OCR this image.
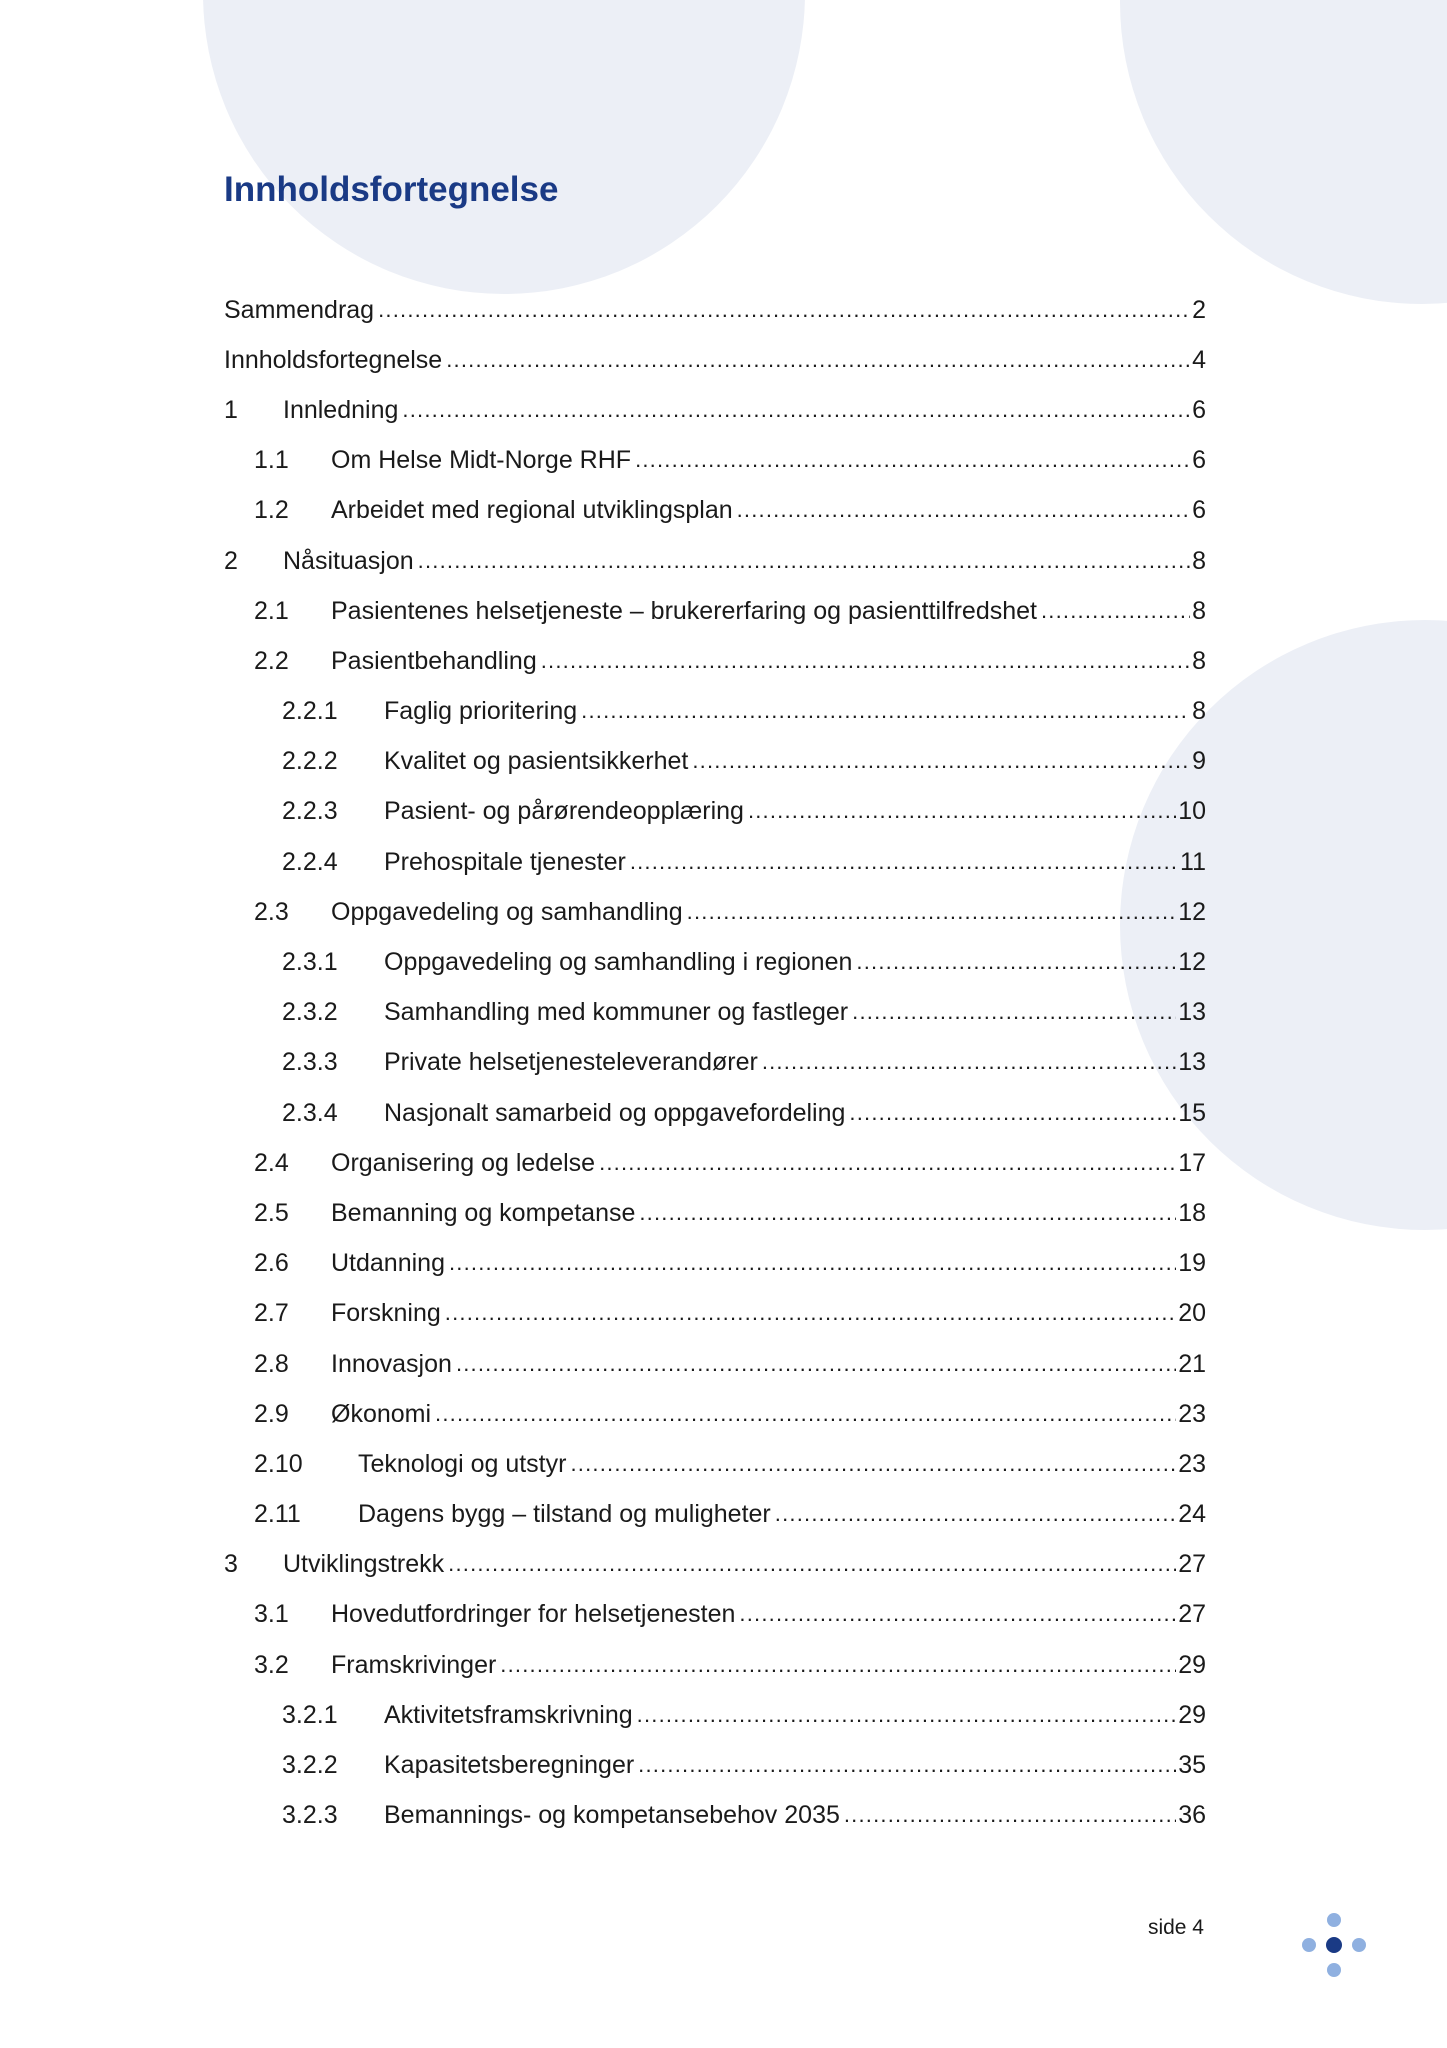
Innholdsfortegnelse
Sammendrag .....	2
Innholdsfortegnelse .....	4
1	Innledning .....	6
1.1	Om Helse Midt-Norge RHF .....	6
1.2	Arbeidet med regional utviklingsplan .....	6
2	Nåsituasjon .....	8
2.1	Pasientenes helsetjeneste – brukererfaring og pasienttilfredshet .....	8
2.2	Pasientbehandling .....	8
2.2.1	Faglig prioritering .....	8
2.2.2	Kvalitet og pasientsikkerhet .....	9
2.2.3	Pasient- og pårørendeopplæring .....	10
2.2.4	Prehospitale tjenester .....	11
2.3	Oppgavedeling og samhandling .....	12
2.3.1	Oppgavedeling og samhandling i regionen .....	12
2.3.2	Samhandling med kommuner og fastleger .....	13
2.3.3	Private helsetjenesteleverandører .....	13
2.3.4	Nasjonalt samarbeid og oppgavefordeling .....	15
2.4	Organisering og ledelse .....	17
2.5	Bemanning og kompetanse .....	18
2.6	Utdanning .....	19
2.7	Forskning .....	20
2.8	Innovasjon .....	21
2.9	Økonomi .....	23
2.10	Teknologi og utstyr .....	23
2.11	Dagens bygg – tilstand og muligheter .....	24
3	Utviklingstrekk .....	27
3.1	Hovedutfordringer for helsetjenesten .....	27
3.2	Framskrivinger .....	29
3.2.1	Aktivitetsframskrivning .....	29
3.2.2	Kapasitetsberegninger .....	35
3.2.3	Bemannings- og kompetansebehov 2035 .....	36
side 4
